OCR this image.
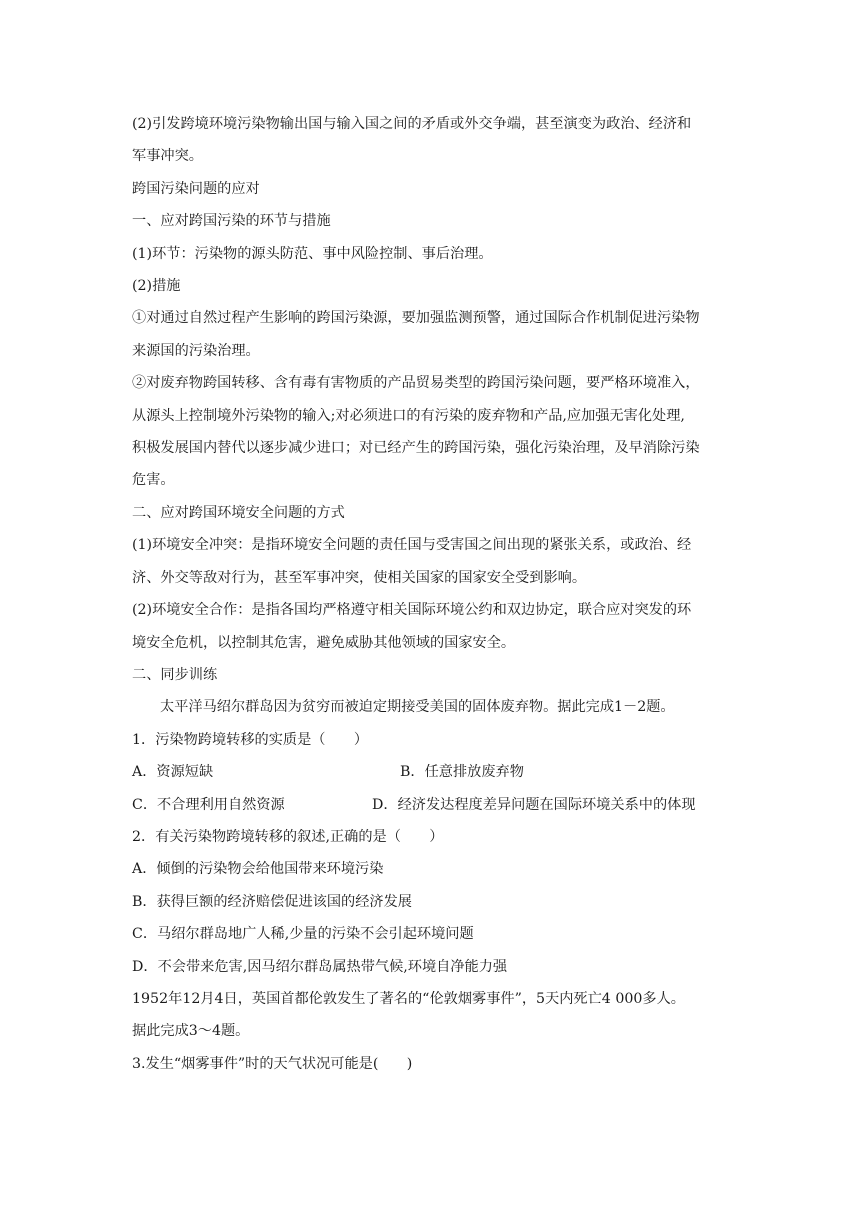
(2)引发跨境环境污染物输出国与输入国之间的矛盾或外交争端，甚至演变为政治、经济和

军事冲突。

跨国污染问题的应对

一、应对跨国污染的环节与措施

(1)环节：污染物的源头防范、事中风险控制、事后治理。

(2)措施

①对通过自然过程产生影响的跨国污染源，要加强监测预警，通过国际合作机制促进污染物

来源国的污染治理。

②对废弃物跨国转移、含有毒有害物质的产品贸易类型的跨国污染问题，要严格环境准入，

从源头上控制境外污染物的输入;对必须进口的有污染的废弃物和产品,应加强无害化处理,

积极发展国内替代以逐步减少进口；对已经产生的跨国污染，强化污染治理，及早消除污染

危害。

二、应对跨国环境安全问题的方式

(1)环境安全冲突：是指环境安全问题的责任国与受害国之间出现的紧张关系，或政治、经

济、外交等敌对行为，甚至军事冲突，使相关国家的国家安全受到影响。

(2)环境安全合作：是指各国均严格遵守相关国际环境公约和双边协定，联合应对突发的环

境安全危机，以控制其危害，避免威胁其他领域的国家安全。

二、同步训练

太平洋马绍尔群岛因为贫穷而被迫定期接受美国的固体废弃物。据此完成1－2题。

1．污染物跨境转移的实质是（　　）

A．资源短缺	B．任意排放废弃物
C．不合理利用自然资源	D．经济发达程度差异问题在国际环境关系中的体现

2．有关污染物跨境转移的叙述,正确的是（　　）

A．倾倒的污染物会给他国带来环境污染

B．获得巨额的经济赔偿促进该国的经济发展

C．马绍尔群岛地广人稀,少量的污染不会引起环境问题

D．不会带来危害,因马绍尔群岛属热带气候,环境自净能力强

1952年12月4日，英国首都伦敦发生了著名的“伦敦烟雾事件”，5天内死亡4 000多人。

据此完成3～4题。

3.发生“烟雾事件”时的天气状况可能是(　　)
